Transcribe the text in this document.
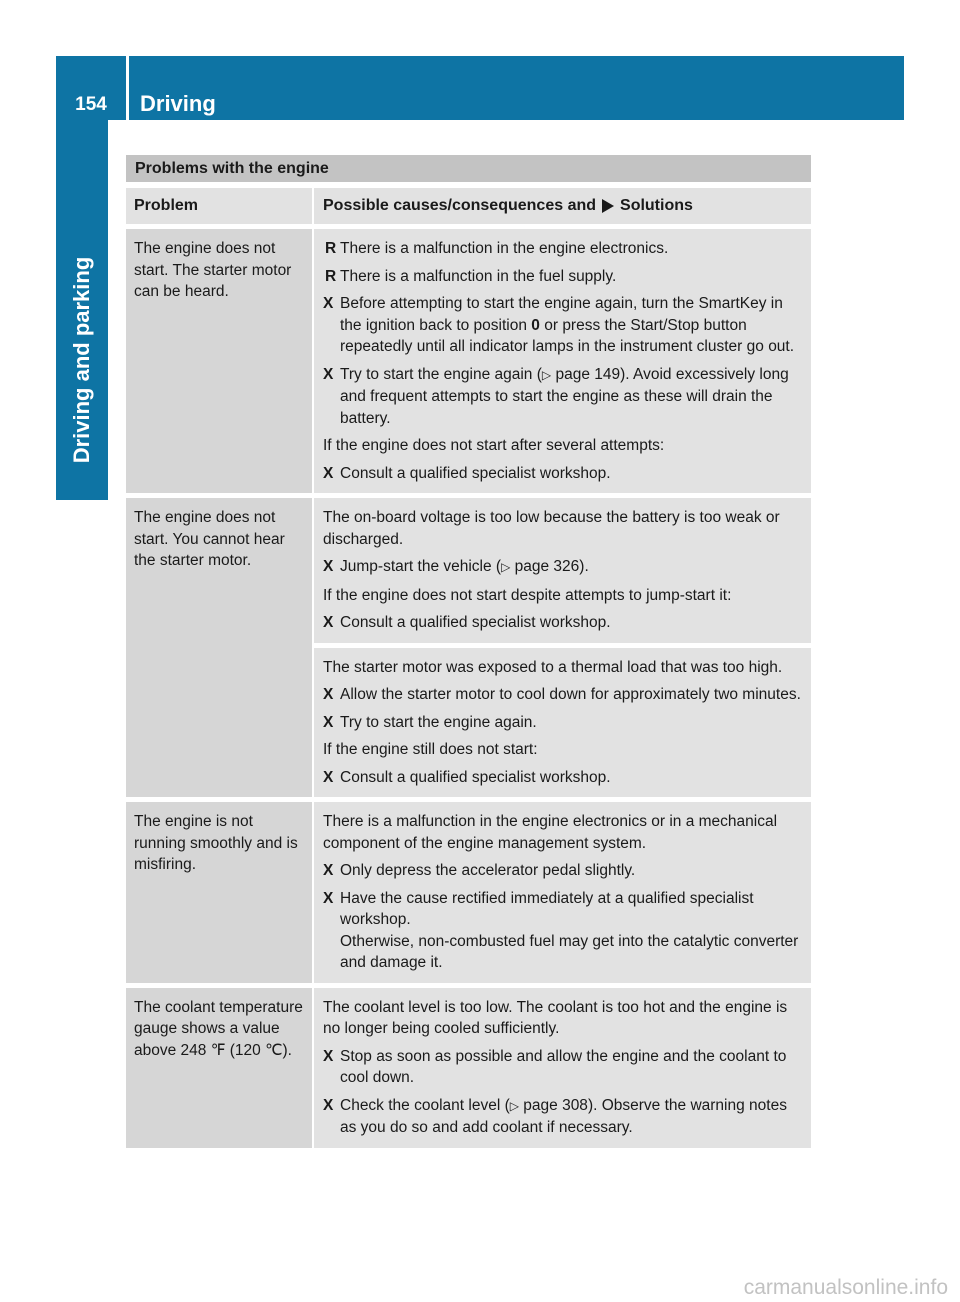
154	Driving
Driving and parking
Problems with the engine
Problem	Possible causes/consequences and Solutions
The engine does not start. The starter motor can be heard.
R There is a malfunction in the engine electronics.
R There is a malfunction in the fuel supply.
X Before attempting to start the engine again, turn the SmartKey in the ignition back to position 0 or press the Start/Stop button repeatedly until all indicator lamps in the instrument cluster go out.
X Try to start the engine again (▷ page 149). Avoid excessively long and frequent attempts to start the engine as these will drain the battery.
If the engine does not start after several attempts:
X Consult a qualified specialist workshop.
The engine does not start. You cannot hear the starter motor.
The on-board voltage is too low because the battery is too weak or discharged.
X Jump-start the vehicle (▷ page 326).
If the engine does not start despite attempts to jump-start it:
X Consult a qualified specialist workshop.
The starter motor was exposed to a thermal load that was too high.
X Allow the starter motor to cool down for approximately two minutes.
X Try to start the engine again.
If the engine still does not start:
X Consult a qualified specialist workshop.
The engine is not running smoothly and is misfiring.
There is a malfunction in the engine electronics or in a mechanical component of the engine management system.
X Only depress the accelerator pedal slightly.
X Have the cause rectified immediately at a qualified specialist workshop.
Otherwise, non-combusted fuel may get into the catalytic converter and damage it.
The coolant temperature gauge shows a value above 248 ℉ (120 ℃).
The coolant level is too low. The coolant is too hot and the engine is no longer being cooled sufficiently.
X Stop as soon as possible and allow the engine and the coolant to cool down.
X Check the coolant level (▷ page 308). Observe the warning notes as you do so and add coolant if necessary.
carmanualsonline.info
